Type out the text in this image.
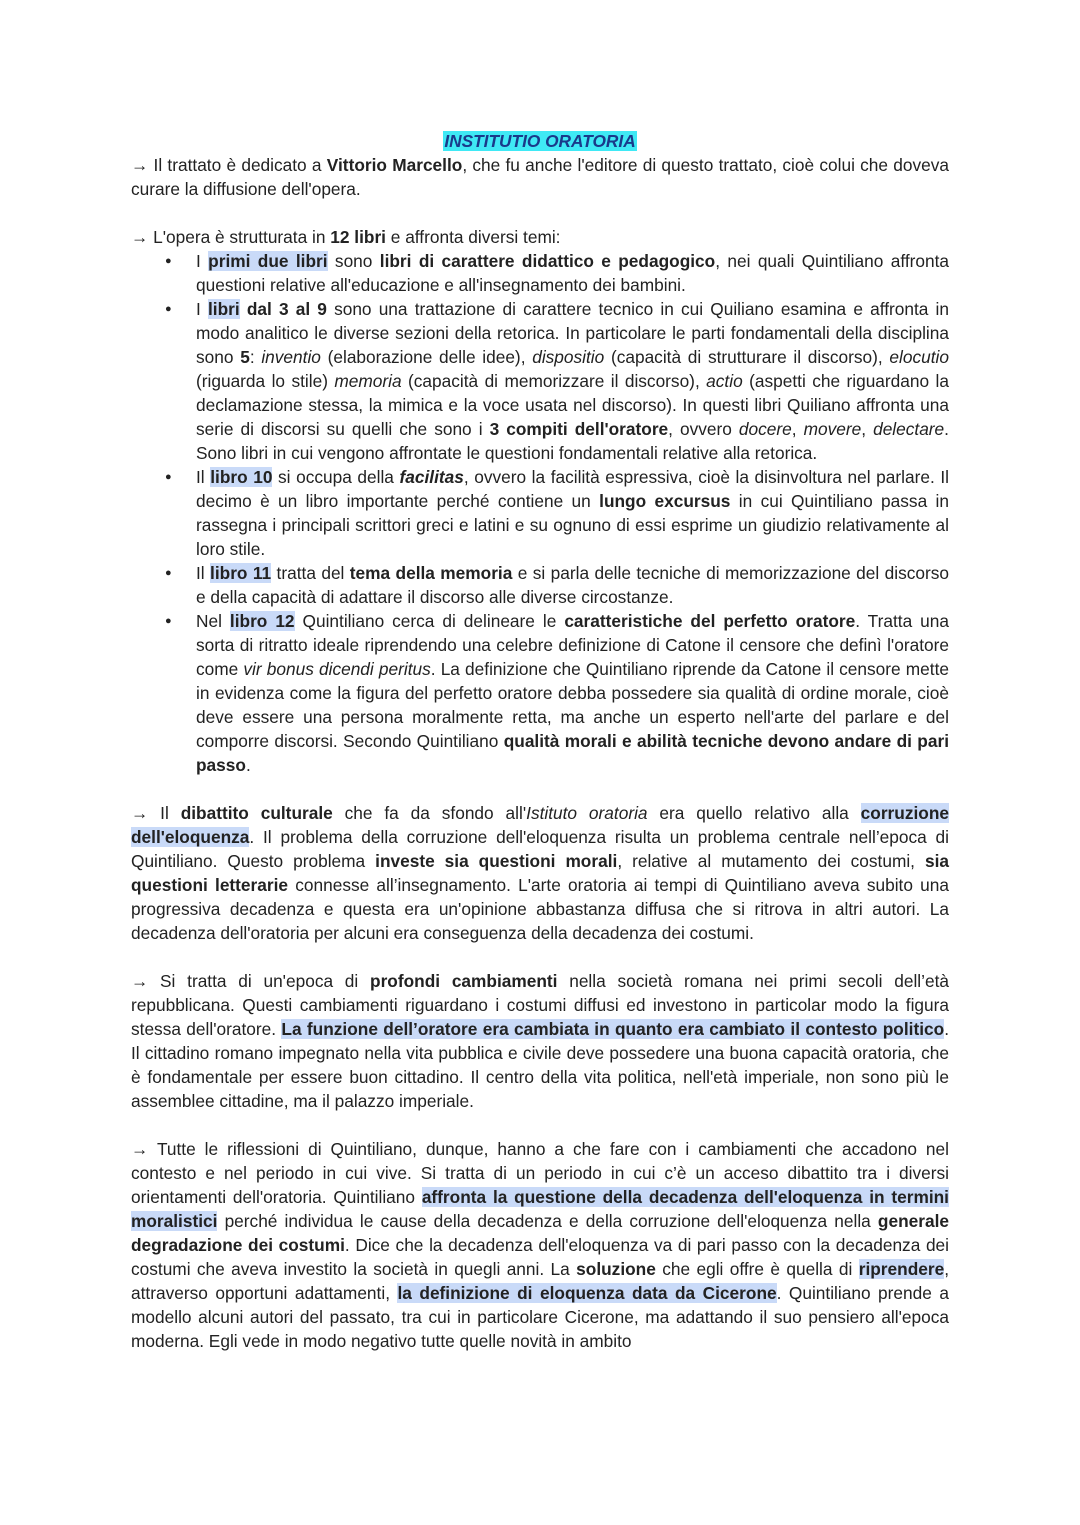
INSTITUTIO ORATORIA

→ Il trattato è dedicato a Vittorio Marcello, che fu anche l'editore di questo trattato, cioè colui che doveva curare la diffusione dell'opera.

→ L'opera è strutturata in 12 libri e affronta diversi temi:

● I primi due libri sono libri di carattere didattico e pedagogico, nei quali Quintiliano affronta questioni relative all'educazione e all'insegnamento dei bambini.
● I libri dal 3 al 9 sono una trattazione di carattere tecnico in cui Quiliano esamina e affronta in modo analitico le diverse sezioni della retorica. In particolare le parti fondamentali della disciplina sono 5: inventio (elaborazione delle idee), dispositio (capacità di strutturare il discorso), elocutio (riguarda lo stile) memoria (capacità di memorizzare il discorso), actio (aspetti che riguardano la declamazione stessa, la mimica e la voce usata nel discorso). In questi libri Quiliano affronta una serie di discorsi su quelli che sono i 3 compiti dell'oratore, ovvero docere, movere, delectare. Sono libri in cui vengono affrontate le questioni fondamentali relative alla retorica.
● Il libro 10 si occupa della facilitas, ovvero la facilità espressiva, cioè la disinvoltura nel parlare. Il decimo è un libro importante perché contiene un lungo excursus in cui Quintiliano passa in rassegna i principali scrittori greci e latini e su ognuno di essi esprime un giudizio relativamente al loro stile.
● Il libro 11 tratta del tema della memoria e si parla delle tecniche di memorizzazione del discorso e della capacità di adattare il discorso alle diverse circostanze.
● Nel libro 12 Quintiliano cerca di delineare le caratteristiche del perfetto oratore. Tratta una sorta di ritratto ideale riprendendo una celebre definizione di Catone il censore che definì l'oratore come vir bonus dicendi peritus. La definizione che Quintiliano riprende da Catone il censore mette in evidenza come la figura del perfetto oratore debba possedere sia qualità di ordine morale, cioè deve essere una persona moralmente retta, ma anche un esperto nell'arte del parlare e del comporre discorsi. Secondo Quintiliano qualità morali e abilità tecniche devono andare di pari passo.

→ Il dibattito culturale che fa da sfondo all'Istituto oratoria era quello relativo alla corruzione dell'eloquenza. Il problema della corruzione dell'eloquenza risulta un problema centrale nell’epoca di Quintiliano. Questo problema investe sia questioni morali, relative al mutamento dei costumi, sia questioni letterarie connesse all’insegnamento. L'arte oratoria ai tempi di Quintiliano aveva subito una progressiva decadenza e questa era un'opinione abbastanza diffusa che si ritrova in altri autori. La decadenza dell'oratoria per alcuni era conseguenza della decadenza dei costumi.

→ Si tratta di un'epoca di profondi cambiamenti nella società romana nei primi secoli dell’età repubblicana. Questi cambiamenti riguardano i costumi diffusi ed investono in particolar modo la figura stessa dell'oratore. La funzione dell’oratore era cambiata in quanto era cambiato il contesto politico. Il cittadino romano impegnato nella vita pubblica e civile deve possedere una buona capacità oratoria, che è fondamentale per essere buon cittadino. Il centro della vita politica, nell'età imperiale, non sono più le assemblee cittadine, ma il palazzo imperiale.

→ Tutte le riflessioni di Quintiliano, dunque, hanno a che fare con i cambiamenti che accadono nel contesto e nel periodo in cui vive. Si tratta di un periodo in cui c’è un acceso dibattito tra i diversi orientamenti dell'oratoria. Quintiliano affronta la questione della decadenza dell'eloquenza in termini moralistici perché individua le cause della decadenza e della corruzione dell'eloquenza nella generale degradazione dei costumi. Dice che la decadenza dell'eloquenza va di pari passo con la decadenza dei costumi che aveva investito la società in quegli anni. La soluzione che egli offre è quella di riprendere, attraverso opportuni adattamenti, la definizione di eloquenza data da Cicerone. Quintiliano prende a modello alcuni autori del passato, tra cui in particolare Cicerone, ma adattando il suo pensiero all'epoca moderna. Egli vede in modo negativo tutte quelle novità in ambito
